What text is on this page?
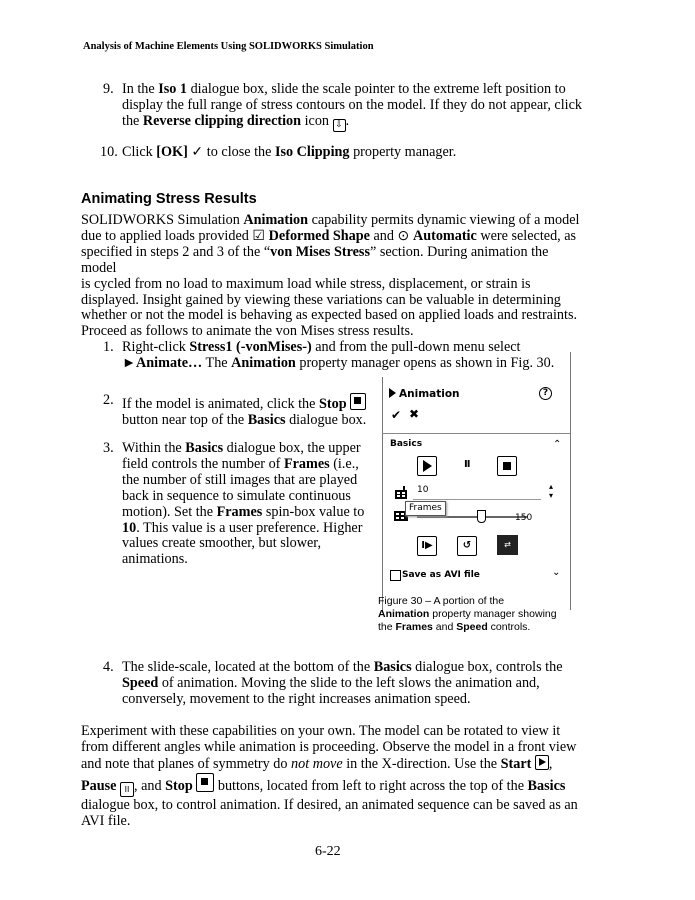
Analysis of Machine Elements Using SOLIDWORKS Simulation
9. In the Iso 1 dialogue box, slide the scale pointer to the extreme left position to
display the full range of stress contours on the model. If they do not appear, click
the Reverse clipping direction icon ⇩ .
10. Click [OK] ✓ to close the Iso Clipping property manager.
Animating Stress Results
SOLIDWORKS Simulation Animation capability permits dynamic viewing of a model
due to applied loads provided ☑ Deformed Shape and ⊙ Automatic were selected, as
specified in steps 2 and 3 of the “von Mises Stress” section. During animation the model
is cycled from no load to maximum load while stress, displacement, or strain is
displayed. Insight gained by viewing these variations can be valuable in determining
whether or not the model is behaving as expected based on applied loads and restraints.
Proceed as follows to animate the von Mises stress results.
1. Right-click Stress1 (-vonMises-) and from the pull-down menu select
►Animate… The Animation property manager opens as shown in Fig. 30.
2. If the model is animated, click the Stop
button near top of the Basics dialogue box.
3. Within the Basics dialogue box, the upper
field controls the number of Frames (i.e.,
the number of still images that are played
back in sequence to simulate continuous
motion). Set the Frames spin-box value to
10. This value is a user preference. Higher
values create smoother, but slower,
animations.
Animation	?
✔ ✖
Basics	⌃
II
10	▴
▾
Frames
150
I▶	↺	⇄
Save as AVI file	⌄
Figure 30 – A portion of the
Animation property manager showing
the Frames and Speed controls.
4. The slide-scale, located at the bottom of the Basics dialogue box, controls the
Speed of animation. Moving the slide to the left slows the animation and,
conversely, movement to the right increases animation speed.
Experiment with these capabilities on your own. The model can be rotated to view it
from different angles while animation is proceeding. Observe the model in a front view
and note that planes of symmetry do not move in the X-direction. Use the Start ,
Pause II , and Stop  buttons, located from left to right across the top of the Basics
dialogue box, to control animation. If desired, an animated sequence can be saved as an
AVI file.
6-22
